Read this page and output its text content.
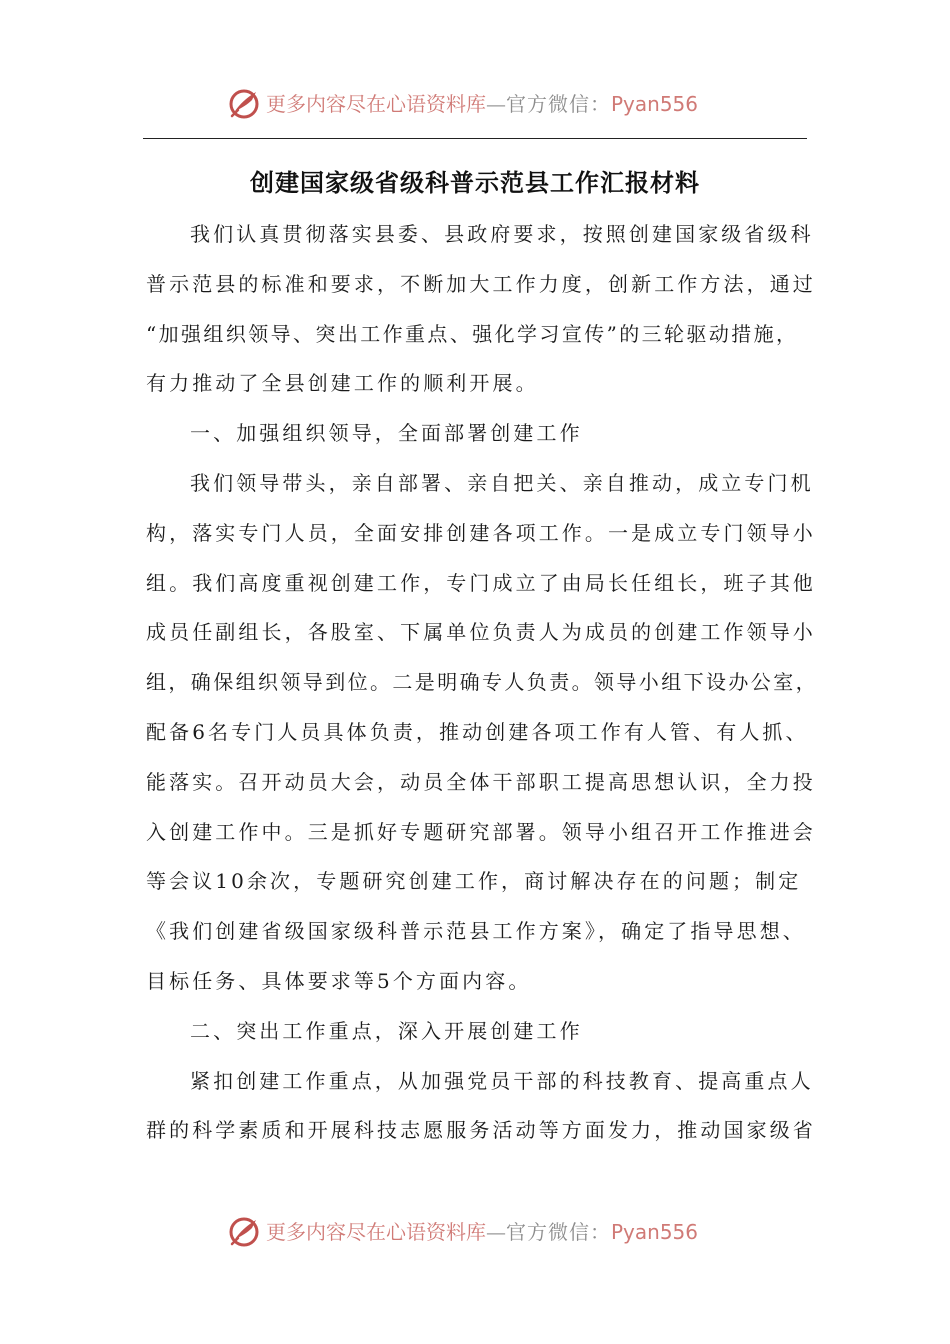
更多内容尽在心语资料库—官方微信：Pyan556
创建国家级省级科普示范县工作汇报材料
我们认真贯彻落实县委、县政府要求，按照创建国家级省级科
普示范县的标准和要求，不断加大工作力度，创新工作方法，通过
“加强组织领导、突出工作重点、强化学习宣传”的三轮驱动措施，
有力推动了全县创建工作的顺利开展。
一、加强组织领导，全面部署创建工作
我们领导带头，亲自部署、亲自把关、亲自推动，成立专门机
构，落实专门人员，全面安排创建各项工作。一是成立专门领导小
组。我们高度重视创建工作，专门成立了由局长任组长，班子其他
成员任副组长，各股室、下属单位负责人为成员的创建工作领导小
组，确保组织领导到位。二是明确专人负责。领导小组下设办公室，
配备6名专门人员具体负责，推动创建各项工作有人管、有人抓、
能落实。召开动员大会，动员全体干部职工提高思想认识，全力投
入创建工作中。三是抓好专题研究部署。领导小组召开工作推进会
等会议10余次，专题研究创建工作，商讨解决存在的问题；制定
《我们创建省级国家级科普示范县工作方案》，确定了指导思想、
目标任务、具体要求等5个方面内容。
二、突出工作重点，深入开展创建工作
紧扣创建工作重点，从加强党员干部的科技教育、提高重点人
群的科学素质和开展科技志愿服务活动等方面发力，推动国家级省
更多内容尽在心语资料库—官方微信：Pyan556
